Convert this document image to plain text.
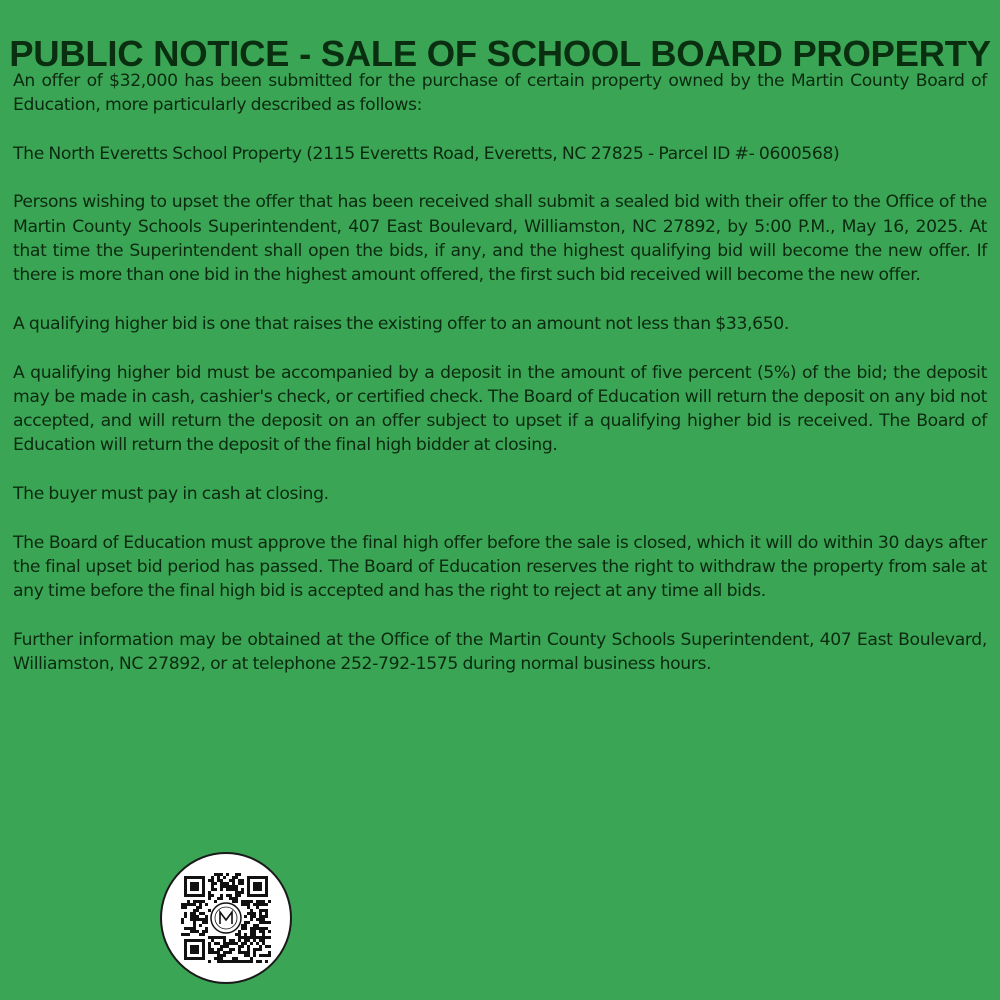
PUBLIC NOTICE - SALE OF SCHOOL BOARD PROPERTY

An offer of $32,000 has been submitted for the purchase of certain property owned by the Martin County Board of Education, more particularly described as follows:

The North Everetts School Property (2115 Everetts Road, Everetts, NC 27825 - Parcel ID #- 0600568)

Persons wishing to upset the offer that has been received shall submit a sealed bid with their offer to the Office of the Martin County Schools Superintendent, 407 East Boulevard, Williamston, NC 27892, by 5:00 P.M., May 16, 2025. At that time the Superintendent shall open the bids, if any, and the highest qualifying bid will become the new offer. If there is more than one bid in the highest amount offered, the first such bid received will become the new offer.

A qualifying higher bid is one that raises the existing offer to an amount not less than $33,650.

A qualifying higher bid must be accompanied by a deposit in the amount of five percent (5%) of the bid; the deposit may be made in cash, cashier's check, or certified check. The Board of Education will return the deposit on any bid not accepted, and will return the deposit on an offer subject to upset if a qualifying higher bid is received. The Board of Education will return the deposit of the final high bidder at closing.

The buyer must pay in cash at closing.

The Board of Education must approve the final high offer before the sale is closed, which it will do within 30 days after the final upset bid period has passed. The Board of Education reserves the right to withdraw the property from sale at any time before the final high bid is accepted and has the right to reject at any time all bids.

Further information may be obtained at the Office of the Martin County Schools Superintendent, 407 East Boulevard, Williamston, NC 27892, or at telephone 252-792-1575 during normal business hours.
